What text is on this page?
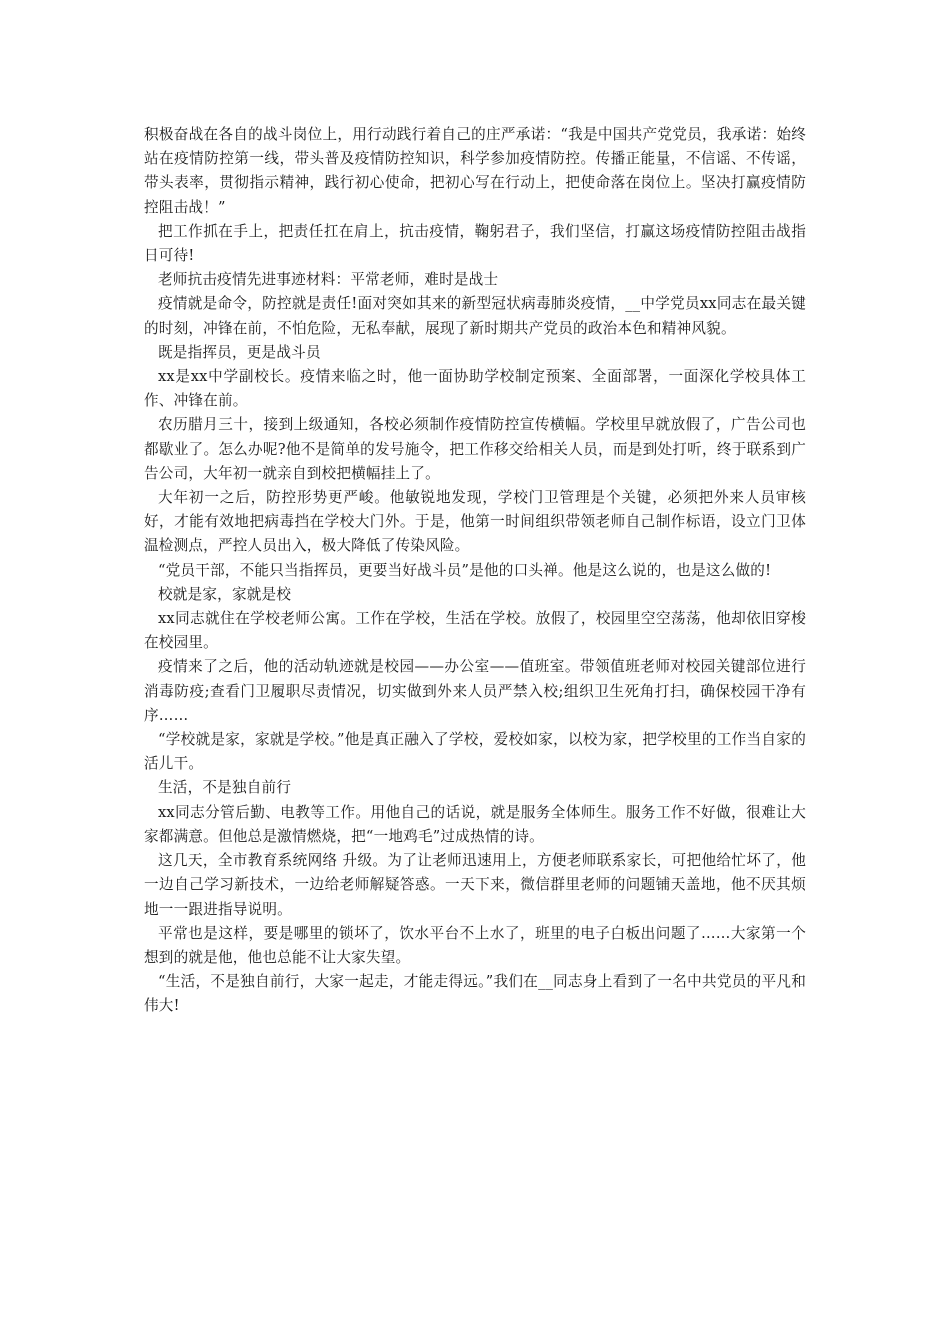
积极奋战在各自的战斗岗位上，用行动践行着自己的庄严承诺：“我是中国共产党党员，我承诺：始终站在疫情防控第一线，带头普及疫情防控知识，科学参加疫情防控。传播正能量，不信谣、不传谣，带头表率，贯彻指示精神，践行初心使命，把初心写在行动上，把使命落在岗位上。坚决打赢疫情防控阻击战！”

把工作抓在手上，把责任扛在肩上，抗击疫情，鞠躬君子，我们坚信，打赢这场疫情防控阻击战指日可待!

老师抗击疫情先进事迹材料：平常老师，难时是战士

疫情就是命令，防控就是责任!面对突如其来的新型冠状病毒肺炎疫情，__中学党员xx同志在最关键的时刻，冲锋在前，不怕危险，无私奉献，展现了新时期共产党员的政治本色和精神风貌。

既是指挥员，更是战斗员

xx是xx中学副校长。疫情来临之时，他一面协助学校制定预案、全面部署，一面深化学校具体工作、冲锋在前。

农历腊月三十，接到上级通知，各校必须制作疫情防控宣传横幅。学校里早就放假了，广告公司也都歇业了。怎么办呢?他不是简单的发号施令，把工作移交给相关人员，而是到处打听，终于联系到广告公司，大年初一就亲自到校把横幅挂上了。

大年初一之后，防控形势更严峻。他敏锐地发现，学校门卫管理是个关键，必须把外来人员审核好，才能有效地把病毒挡在学校大门外。于是，他第一时间组织带领老师自己制作标语，设立门卫体温检测点，严控人员出入，极大降低了传染风险。

“党员干部，不能只当指挥员，更要当好战斗员”是他的口头禅。他是这么说的，也是这么做的!

校就是家，家就是校

xx同志就住在学校老师公寓。工作在学校，生活在学校。放假了，校园里空空荡荡，他却依旧穿梭在校园里。

疫情来了之后，他的活动轨迹就是校园——办公室——值班室。带领值班老师对校园关键部位进行消毒防疫;查看门卫履职尽责情况，切实做到外来人员严禁入校;组织卫生死角打扫，确保校园干净有序……

“学校就是家，家就是学校。”他是真正融入了学校，爱校如家，以校为家，把学校里的工作当自家的活儿干。

生活，不是独自前行

xx同志分管后勤、电教等工作。用他自己的话说，就是服务全体师生。服务工作不好做，很难让大家都满意。但他总是激情燃烧，把“一地鸡毛”过成热情的诗。

这几天，全市教育系统网络 升级。为了让老师迅速用上，方便老师联系家长，可把他给忙坏了，他一边自己学习新技术，一边给老师解疑答惑。一天下来，微信群里老师的问题铺天盖地，他不厌其烦地一一跟进指导说明。

平常也是这样，要是哪里的锁坏了，饮水平台不上水了，班里的电子白板出问题了……大家第一个想到的就是他，他也总能不让大家失望。

“生活，不是独自前行，大家一起走，才能走得远。”我们在__同志身上看到了一名中共党员的平凡和伟大!
